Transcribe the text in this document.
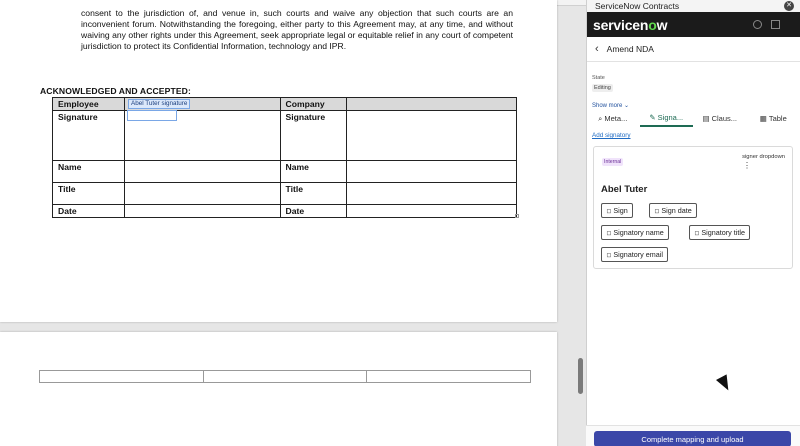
consent to the jurisdiction of, and venue in, such courts and waive any objection that such courts are an inconvenient forum. Notwithstanding the foregoing, either party to this Agreement may, at any time, and without waiving any other rights under this Agreement, seek appropriate legal or equitable relief in any court of competent jurisdiction to protect its Confidential Information, technology and IPR.

ACKNOWLEDGED AND ACCEPTED:
Employee		Company	
Signature		Signature	
Name		Name	
Title		Title	
Date		Date	
Abel Tuter signature
ServiceNow Contracts	✕
servicenow
‹ Amend NDA
State
Editing
Show more ⌄
⌕ Meta...	✎ Signa...	▤ Claus...	▦ Table
Add signatory
Internal
signer dropdown
⋮
Abel Tuter
◇ Sign	◇ Sign date
◇ Signatory name	◇ Signatory title
◇ Signatory email
Complete mapping and upload
